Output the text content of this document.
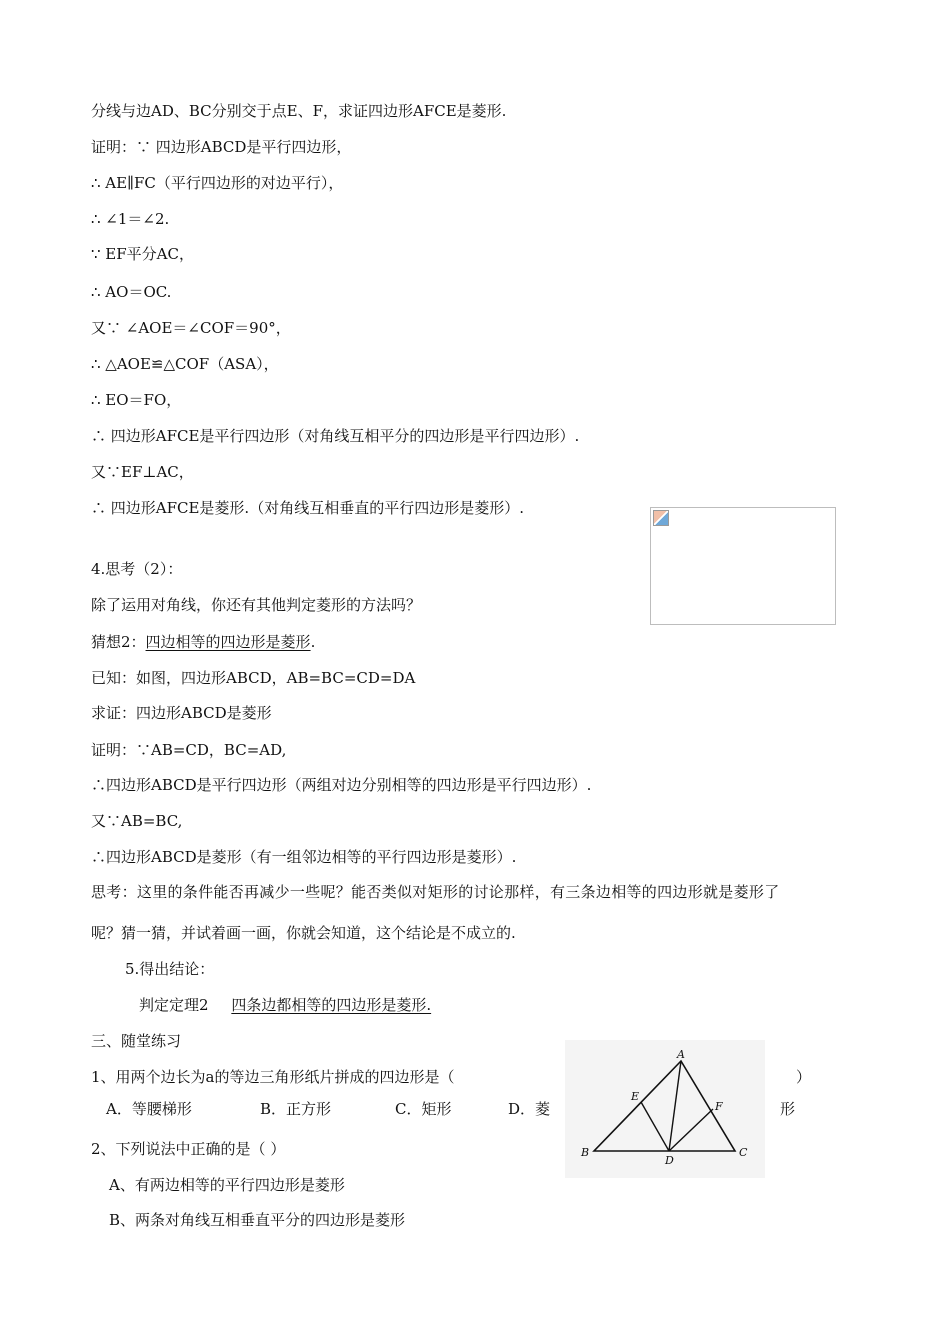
分线与边AD、BC分别交于点E、F，求证四边形AFCE是菱形.
证明：∵ 四边形ABCD是平行四边形，
∴ AE∥FC（平行四边形的对边平行），
∴ ∠1＝∠2.
∵ EF平分AC，
∴ AO＝OC.
又∵ ∠AOE＝∠COF＝90°，
∴ △AOE≌△COF（ASA），
∴ EO＝FO，
∴ 四边形AFCE是平行四边形（对角线互相平分的四边形是平行四边形）.
又∵EF⊥AC，
∴ 四边形AFCE是菱形.（对角线互相垂直的平行四边形是菱形）.
4.思考（2）：
除了运用对角线，你还有其他判定菱形的方法吗？
猜想2：四边相等的四边形是菱形.
已知：如图，四边形ABCD，AB=BC=CD=DA
求证：四边形ABCD是菱形
证明：∵AB=CD，BC=AD,
∴四边形ABCD是平行四边形（两组对边分别相等的四边形是平行四边形）.
又∵AB=BC,
∴四边形ABCD是菱形（有一组邻边相等的平行四边形是菱形）.
思考：这里的条件能否再减少一些呢？能否类似对矩形的讨论那样，有三条边相等的四边形就是菱形了
呢？猜一猜，并试着画一画，你就会知道，这个结论是不成立的.
5.得出结论：
判定定理2 四条边都相等的四边形是菱形.
三、随堂练习
1、用两个边长为a的等边三角形纸片拼成的四边形是（	）
A．等腰梯形	B．正方形	C．矩形	D．菱	形
2、下列说法中正确的是（ ）
A、有两边相等的平行四边形是菱形
B、两条对角线互相垂直平分的四边形是菱形
A
B	C
D
E
F
